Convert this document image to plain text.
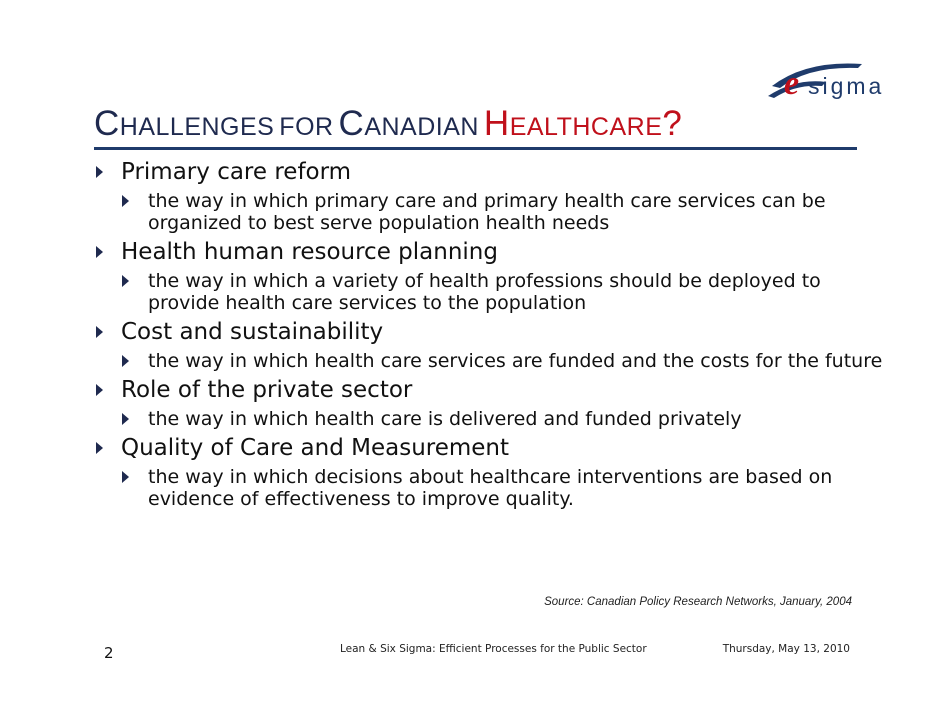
e sigma
CHALLENGES FOR CANADIAN HEALTHCARE?
Primary care reform
the way in which primary care and primary health care services can be organized to best serve population health needs
Health human resource planning
the way in which a variety of health professions should be deployed to provide health care services to the population
Cost and sustainability
the way in which health care services are funded and the costs for the future
Role of the private sector
the way in which health care is delivered and funded privately
Quality of Care and Measurement
the way in which decisions about healthcare interventions are based on evidence of effectiveness to improve quality.
Source: Canadian Policy Research Networks, January, 2004
2	Lean & Six Sigma: Efficient Processes for the Public Sector	Thursday, May 13, 2010
